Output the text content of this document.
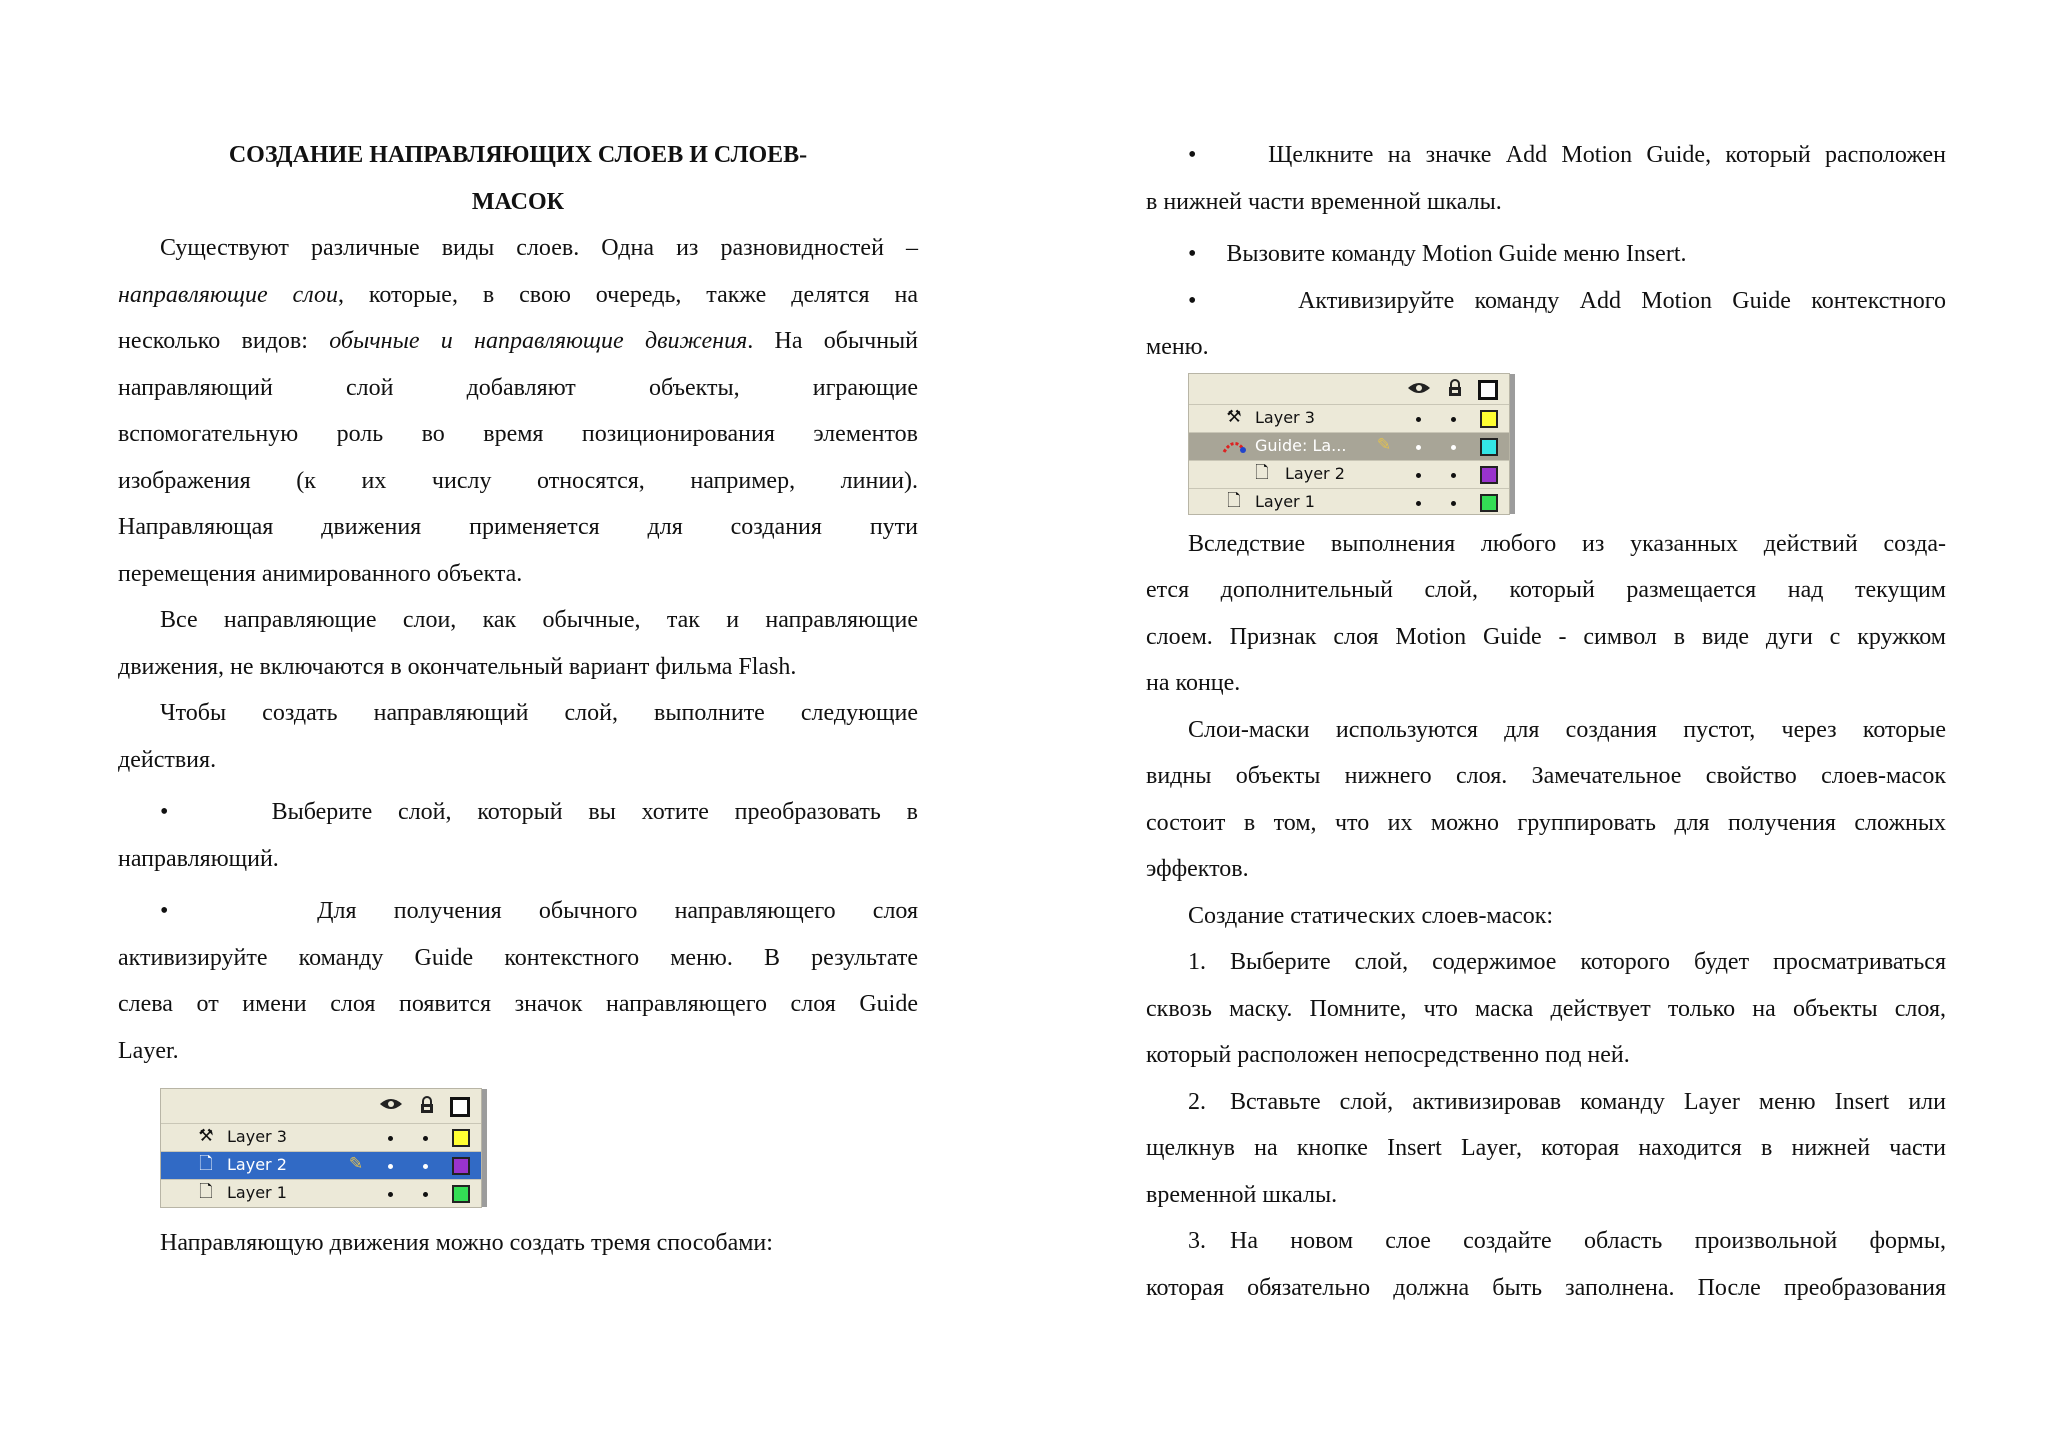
СОЗДАНИЕ НАПРАВЛЯЮЩИХ СЛОЕВ И СЛОЕВ-

МАСОК

Существуют различные виды слоев. Одна из разновидностей –

направляющие слои, которые, в свою очередь, также делятся на

несколько видов: обычные и направляющие движения. На обычный

направляющий слой добавляют объекты, играющие

вспомогательную роль во время позиционирования элементов

изображения (к их числу относятся, например, линии).

Направляющая движения применяется для создания пути

перемещения анимированного объекта.

Все направляющие слои, как обычные, так и направляющие

движения, не включаются в окончательный вариант фильма Flash.

Чтобы создать направляющий слой, выполните следующие

действия.

•    Выберите слой, который вы хотите преобразовать в

направляющий.

•    Для получения обычного направляющего слоя

активизируйте команду Guide контекстного меню. В результате

слева от имени слоя появится значок направляющего слоя Guide

Layer.

⚒ Layer 3
🗋 Layer 2	✎
🗋 Layer 1

Направляющую движения можно создать тремя способами:

•     Щелкните на значке Add Motion Guide, который расположен

в нижней части временной шкалы.

•     Вызовите команду Motion Guide меню Insert.

•     Активизируйте команду Add Motion Guide контекстного

меню.

⚒ Layer 3
Guide: La... ✎
🗋 Layer 2
🗋 Layer 1

Вследствие выполнения любого из указанных действий созда-

ется дополнительный слой, который размещается над текущим

слоем. Признак слоя Motion Guide - символ в виде дуги с кружком

на конце.

Слои-маски используются для создания пустот, через которые

видны объекты нижнего слоя. Замечательное свойство слоев-масок

состоит в том, что их можно группировать для получения сложных

эффектов.

Создание статических слоев-масок:

1. Выберите слой, содержимое которого будет просматриваться

сквозь маску. Помните, что маска действует только на объекты слоя,

который расположен непосредственно под ней.

2. Вставьте слой, активизировав команду Layer меню Insert или

щелкнув на кнопке Insert Layer, которая находится в нижней части

временной шкалы.

3. На новом слое создайте область произвольной формы,

которая обязательно должна быть заполнена. После преобразования
